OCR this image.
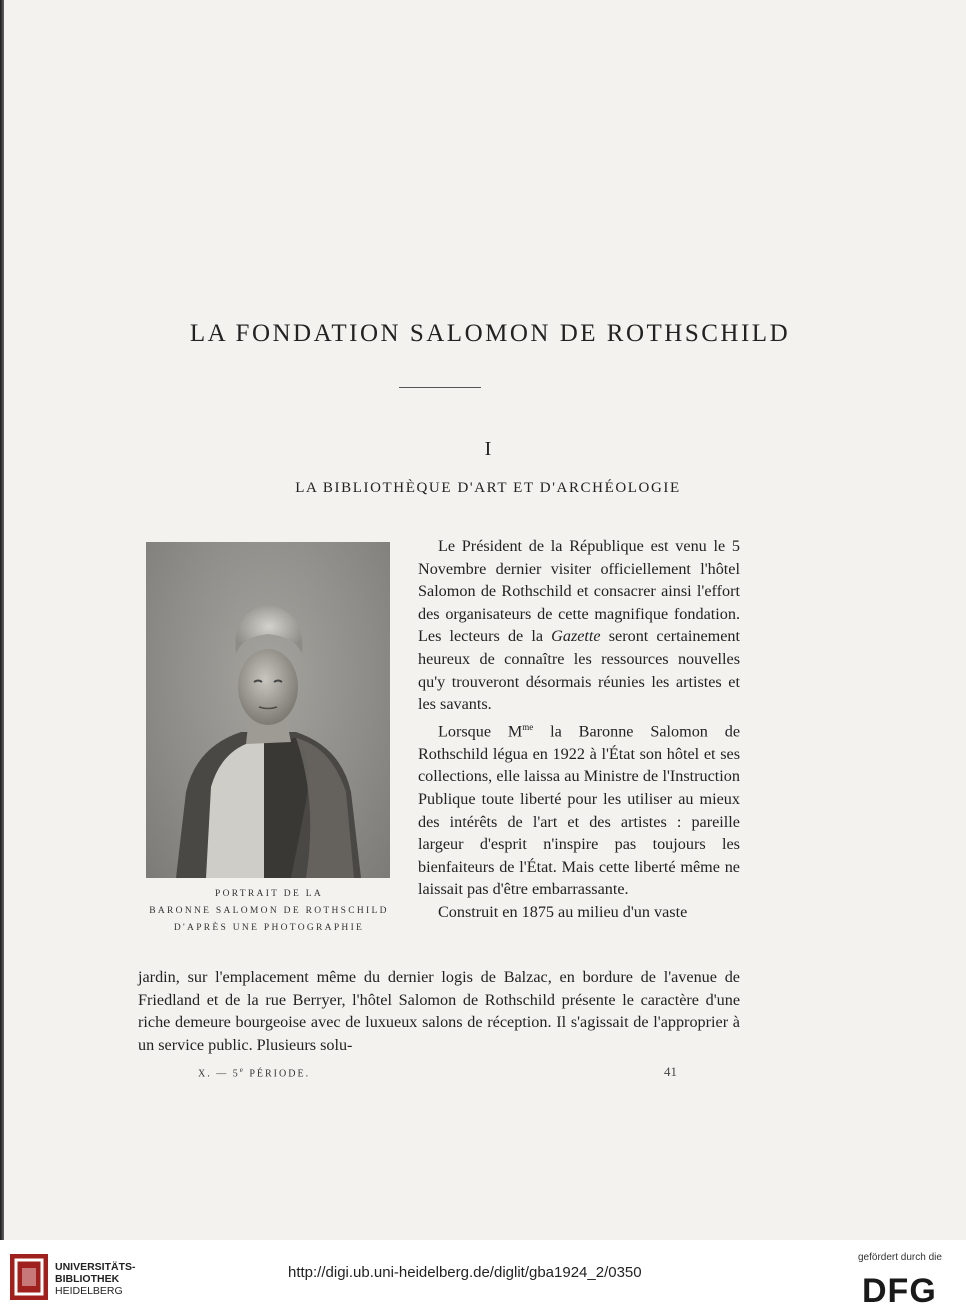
LA FONDATION SALOMON DE ROTHSCHILD
I
LA BIBLIOTHÈQUE D'ART ET D'ARCHÉOLOGIE
PORTRAIT DE LA
BARONNE SALOMON DE ROTHSCHILD
D'APRÈS UNE PHOTOGRAPHIE

Le Président de la République est venu le 5 Novembre dernier visiter officiellement l'hôtel Salomon de Rothschild et consacrer ainsi l'effort des organisateurs de cette magnifique fondation. Les lecteurs de la Gazette seront certainement heureux de connaître les ressources nouvelles qu'y trouveront désormais réunies les artistes et les savants.

Lorsque $M^{me}$ la Baronne Salomon de Rothschild légua en 1922 à l'État son hôtel et ses collections, elle laissa au Ministre de l'Instruction Publique toute liberté pour les utiliser au mieux des intérêts de l'art et des artistes : pareille largeur d'esprit n'inspire pas toujours les bienfaiteurs de l'État. Mais cette liberté même ne laissait pas d'être embarrassante.

Construit en 1875 au milieu d'un vaste

jardin, sur l'emplacement même du dernier logis de Balzac, en bordure de l'avenue de Friedland et de la rue Berryer, l'hôtel Salomon de Rothschild présente le caractère d'une riche demeure bourgeoise avec de luxueux salons de réception. Il s'agissait de l'approprier à un service public. Plusieurs solu-

X. — 5e PÉRIODE.	41
UNIVERSITÄTS-
BIBLIOTHEK
HEIDELBERG
http://digi.ub.uni-heidelberg.de/diglit/gba1924_2/0350
gefördert durch die
DFG
